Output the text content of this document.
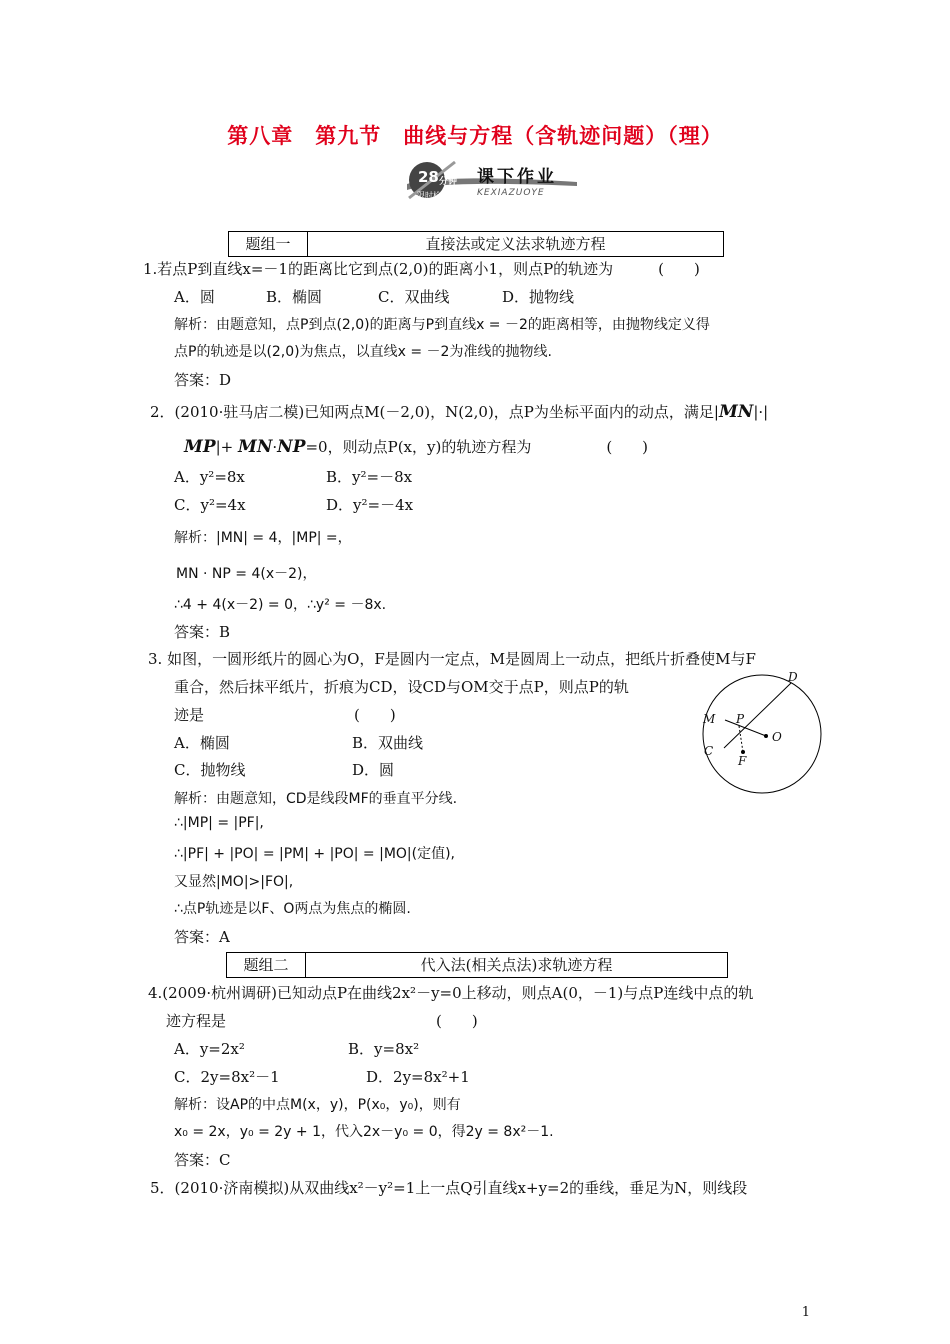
第八章　第九节　曲线与方程（含轨迹问题）（理）
28 分钟
限时检测
课下作业
KEXIAZUOYE
题组一	直接法或定义法求轨迹方程
1.若点P到直线x=－1的距离比它到点(2,0)的距离小1，则点P的轨迹为　　　(　　)
A．圆	B．椭圆	C．双曲线	D．抛物线
解析：由题意知，点P到点(2,0)的距离与P到直线x = －2的距离相等，由抛物线定义得
点P的轨迹是以(2,0)为焦点，以直线x = －2为准线的抛物线.
答案：D
2．(2010·驻马店二模)已知两点M(－2,0)，N(2,0)，点P为坐标平面内的动点，满足|MN|·|
MP|+ MN·NP=0，则动点P(x，y)的轨迹方程为　　　　　(　　)
A．y²=8x	B．y²=－8x
C．y²=4x	D．y²=－4x
解析：|MN| = 4，|MP| =，
MN · NP = 4(x－2)，
∴4 + 4(x－2) = 0，∴y² = －8x.
答案：B
3. 如图，一圆形纸片的圆心为O，F是圆内一定点，M是圆周上一动点，把纸片折叠使M与F
重合，然后抹平纸片，折痕为CD，设CD与OM交于点P，则点P的轨
迹是　　　　　　　　　　(　　)
A．椭圆	B．双曲线
C．抛物线	D．圆
D
M P
O
C
F
解析：由题意知，CD是线段MF的垂直平分线.
∴|MP| = |PF|,
∴|PF| + |PO| = |PM| + |PO| = |MO|(定值),
又显然|MO|>|FO|,
∴点P轨迹是以F、O两点为焦点的椭圆.
答案：A
题组二	代入法(相关点法)求轨迹方程
4.(2009·杭州调研)已知动点P在曲线2x²－y=0上移动，则点A(0，－1)与点P连线中点的轨
迹方程是　　　　　　　　　　　　　　(　　)
A．y=2x²	B．y=8x²
C．2y=8x²－1	D．2y=8x²+1
解析：设AP的中点M(x，y)，P(x₀，y₀)，则有
x₀ = 2x，y₀ = 2y + 1，代入2x－y₀ = 0，得2y = 8x²－1.
答案：C
5．(2010·济南模拟)从双曲线x²－y²=1上一点Q引直线x+y=2的垂线，垂足为N，则线段
1
